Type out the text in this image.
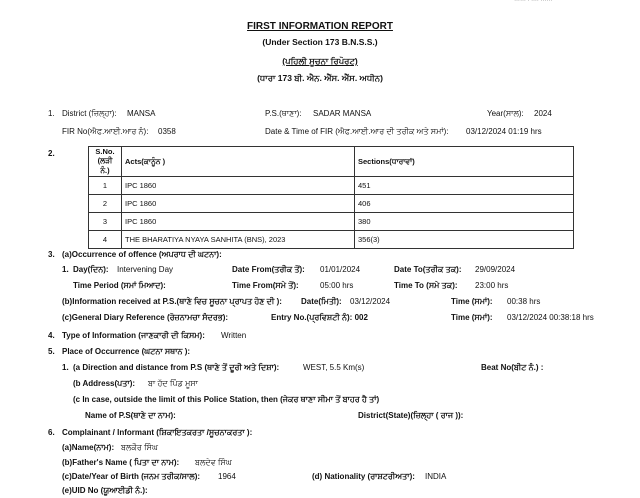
…… . …. ……
FIRST INFORMATION REPORT
(Under Section 173 B.N.S.S.)
(ਪਹਿਲੀ ਸੂਚਨਾ ਰਿਪੋਰਟ)
(ਧਾਰਾ 173 ਬੀ. ਐਨ. ਐੱਸ. ਐੱਸ. ਅਧੀਨ)
1. District (ਜ਼ਿਲ੍ਹਾ): MANSA	P.S.(ਥਾਣਾ): SADAR MANSA	Year(ਸਾਲ): 2024
FIR No(ਐਫ.ਆਈ.ਆਰ ਨੰ): 0358	Date & Time of FIR (ਐਫ.ਆਈ.ਆਰ ਦੀ ਤਰੀਕ ਅਤੇ ਸਮਾਂ): 03/12/2024 01:19 hrs
2.	S.No.(ਲੜੀ ਨੰ.)	Acts(ਕਾਨੂੰਨ )	Sections(ਧਾਰਾਵਾਂ)
1	IPC 1860	451
2	IPC 1860	406
3	IPC 1860	380
4	THE BHARATIYA NYAYA SANHITA (BNS), 2023	356(3)
3. (a)Occurrence of offence (ਅਪਰਾਧ ਦੀ ਘਟਨਾ):
1. Day(ਦਿਨ): Intervening Day	Date From(ਤਰੀਕ ਤੋਂ): 01/01/2024	Date To(ਤਰੀਕ ਤਕ): 29/09/2024
Time Period (ਸਮਾਂ ਮਿਆਦ):	Time From(ਸਮੇ ਤੋਂ):	05:00 hrs	Time To (ਸਮੇ ਤਕ): 23:00 hrs
(b)Information received at P.S.(ਥਾਣੇ ਵਿਚ ਸੂਚਨਾ ਪ੍ਰਾਪਤ ਹੋਣ ਦੀ ): Date(ਮਿਤੀ): 03/12/2024	Time (ਸਮਾਂ): 00:38 hrs
(c)General Diary Reference (ਰੋਜ਼ਨਾਮਚਾ ਸੰਦਰਭ):	Entry No.(ਪ੍ਰਵਿਸ਼ਟੀ ਨੰ): 002	Time (ਸਮਾਂ): 03/12/2024 00:38:18 hrs
4. Type of Information (ਜਾਣਕਾਰੀ ਦੀ ਕਿਸਮ): Written
5. Place of Occurrence (ਘਟਨਾ ਸਥਾਨ ):
1. (a Direction and distance from P.S (ਥਾਣੇ ਤੋਂ ਦੂਰੀ ਅਤੇ ਦਿਸ਼ਾ):	WEST, 5.5 Km(s)	Beat No(ਬੀਟ ਨੰ.) :
(b Address(ਪਤਾ): ਬਾ ਹੱਦ ਪਿੰਡ ਮੂਸਾ
(c In case, outside the limit of this Police Station, then (ਜੇਕਰ ਥਾਣਾ ਸੀਮਾ ਤੋਂ ਬਾਹਰ ਹੈ ਤਾਂ)
Name of P.S(ਥਾਣੇ ਦਾ ਨਾਮ):	District(State)(ਜ਼ਿਲ੍ਹਾ ( ਰਾਜ )):
6. Complainant / Informant (ਸ਼ਿਕਾਇਤਕਰਤਾ /ਸੂਚਨਾਕਰਤਾ ):
(a)Name(ਨਾਮ): ਬਲਕੌਰ ਸਿੰਘ
(b)Father's Name ( ਪਿਤਾ ਦਾ ਨਾਮ): ਬਲਦੇਵ ਸਿੰਘ
(c)Date/Year of Birth (ਜਨਮ ਤਰੀਕ/ਸਾਲ): 1964	(d) Nationality (ਰਾਸ਼ਟਰੀਅਤਾ): INDIA
(e)UID No (ਯੂਆਈਡੀ ਨੰ.):
